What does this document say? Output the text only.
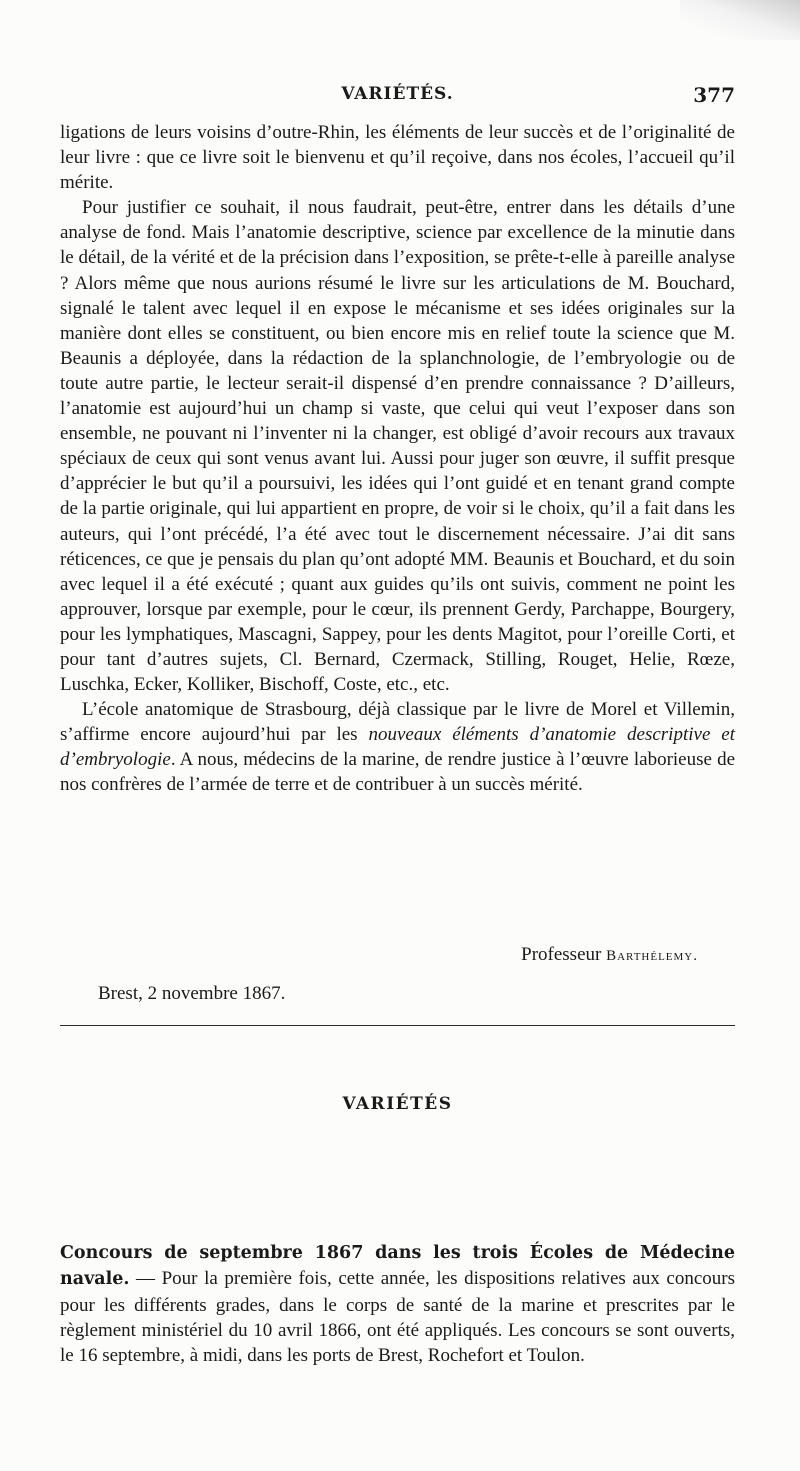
VARIÉTÉS.	377

ligations de leurs voisins d’outre-Rhin, les éléments de leur succès et de l’originalité de leur livre : que ce livre soit le bienvenu et qu’il reçoive, dans nos écoles, l’accueil qu’il mérite.

Pour justifier ce souhait, il nous faudrait, peut-être, entrer dans les détails d’une analyse de fond. Mais l’anatomie descriptive, science par excellence de la minutie dans le détail, de la vérité et de la précision dans l’exposition, se prête-t-elle à pareille analyse ? Alors même que nous aurions résumé le livre sur les articulations de M. Bouchard, signalé le talent avec lequel il en expose le mécanisme et ses idées originales sur la manière dont elles se constituent, ou bien encore mis en relief toute la science que M. Beaunis a déployée, dans la rédaction de la splanchnologie, de l’embryologie ou de toute autre partie, le lecteur serait-il dispensé d’en prendre connaissance ? D’ailleurs, l’anatomie est aujourd’hui un champ si vaste, que celui qui veut l’exposer dans son ensemble, ne pouvant ni l’inventer ni la changer, est obligé d’avoir recours aux travaux spéciaux de ceux qui sont venus avant lui. Aussi pour juger son œuvre, il suffit presque d’apprécier le but qu’il a poursuivi, les idées qui l’ont guidé et en tenant grand compte de la partie originale, qui lui appartient en propre, de voir si le choix, qu’il a fait dans les auteurs, qui l’ont précédé, l’a été avec tout le discernement nécessaire. J’ai dit sans réticences, ce que je pensais du plan qu’ont adopté MM. Beaunis et Bouchard, et du soin avec lequel il a été exécuté ; quant aux guides qu’ils ont suivis, comment ne point les approuver, lorsque par exemple, pour le cœur, ils prennent Gerdy, Parchappe, Bourgery, pour les lymphatiques, Mascagni, Sappey, pour les dents Magitot, pour l’oreille Corti, et pour tant d’autres sujets, Cl. Bernard, Czermack, Stilling, Rouget, Helie, Rœze, Luschka, Ecker, Kolliker, Bischoff, Coste, etc., etc.

L’école anatomique de Strasbourg, déjà classique par le livre de Morel et Villemin, s’affirme encore aujourd’hui par les nouveaux éléments d’anatomie descriptive et d’embryologie. A nous, médecins de la marine, de rendre justice à l’œuvre laborieuse de nos confrères de l’armée de terre et de contribuer à un succès mérité.

Professeur Barthélemy.
Brest, 2 novembre 1867.
VARIÉTÉS

Concours de septembre 1867 dans les trois Écoles de Médecine navale. — Pour la première fois, cette année, les dispositions relatives aux concours pour les différents grades, dans le corps de santé de la marine et prescrites par le règlement ministériel du 10 avril 1866, ont été appliqués. Les concours se sont ouverts, le 16 septembre, à midi, dans les ports de Brest, Rochefort et Toulon.
